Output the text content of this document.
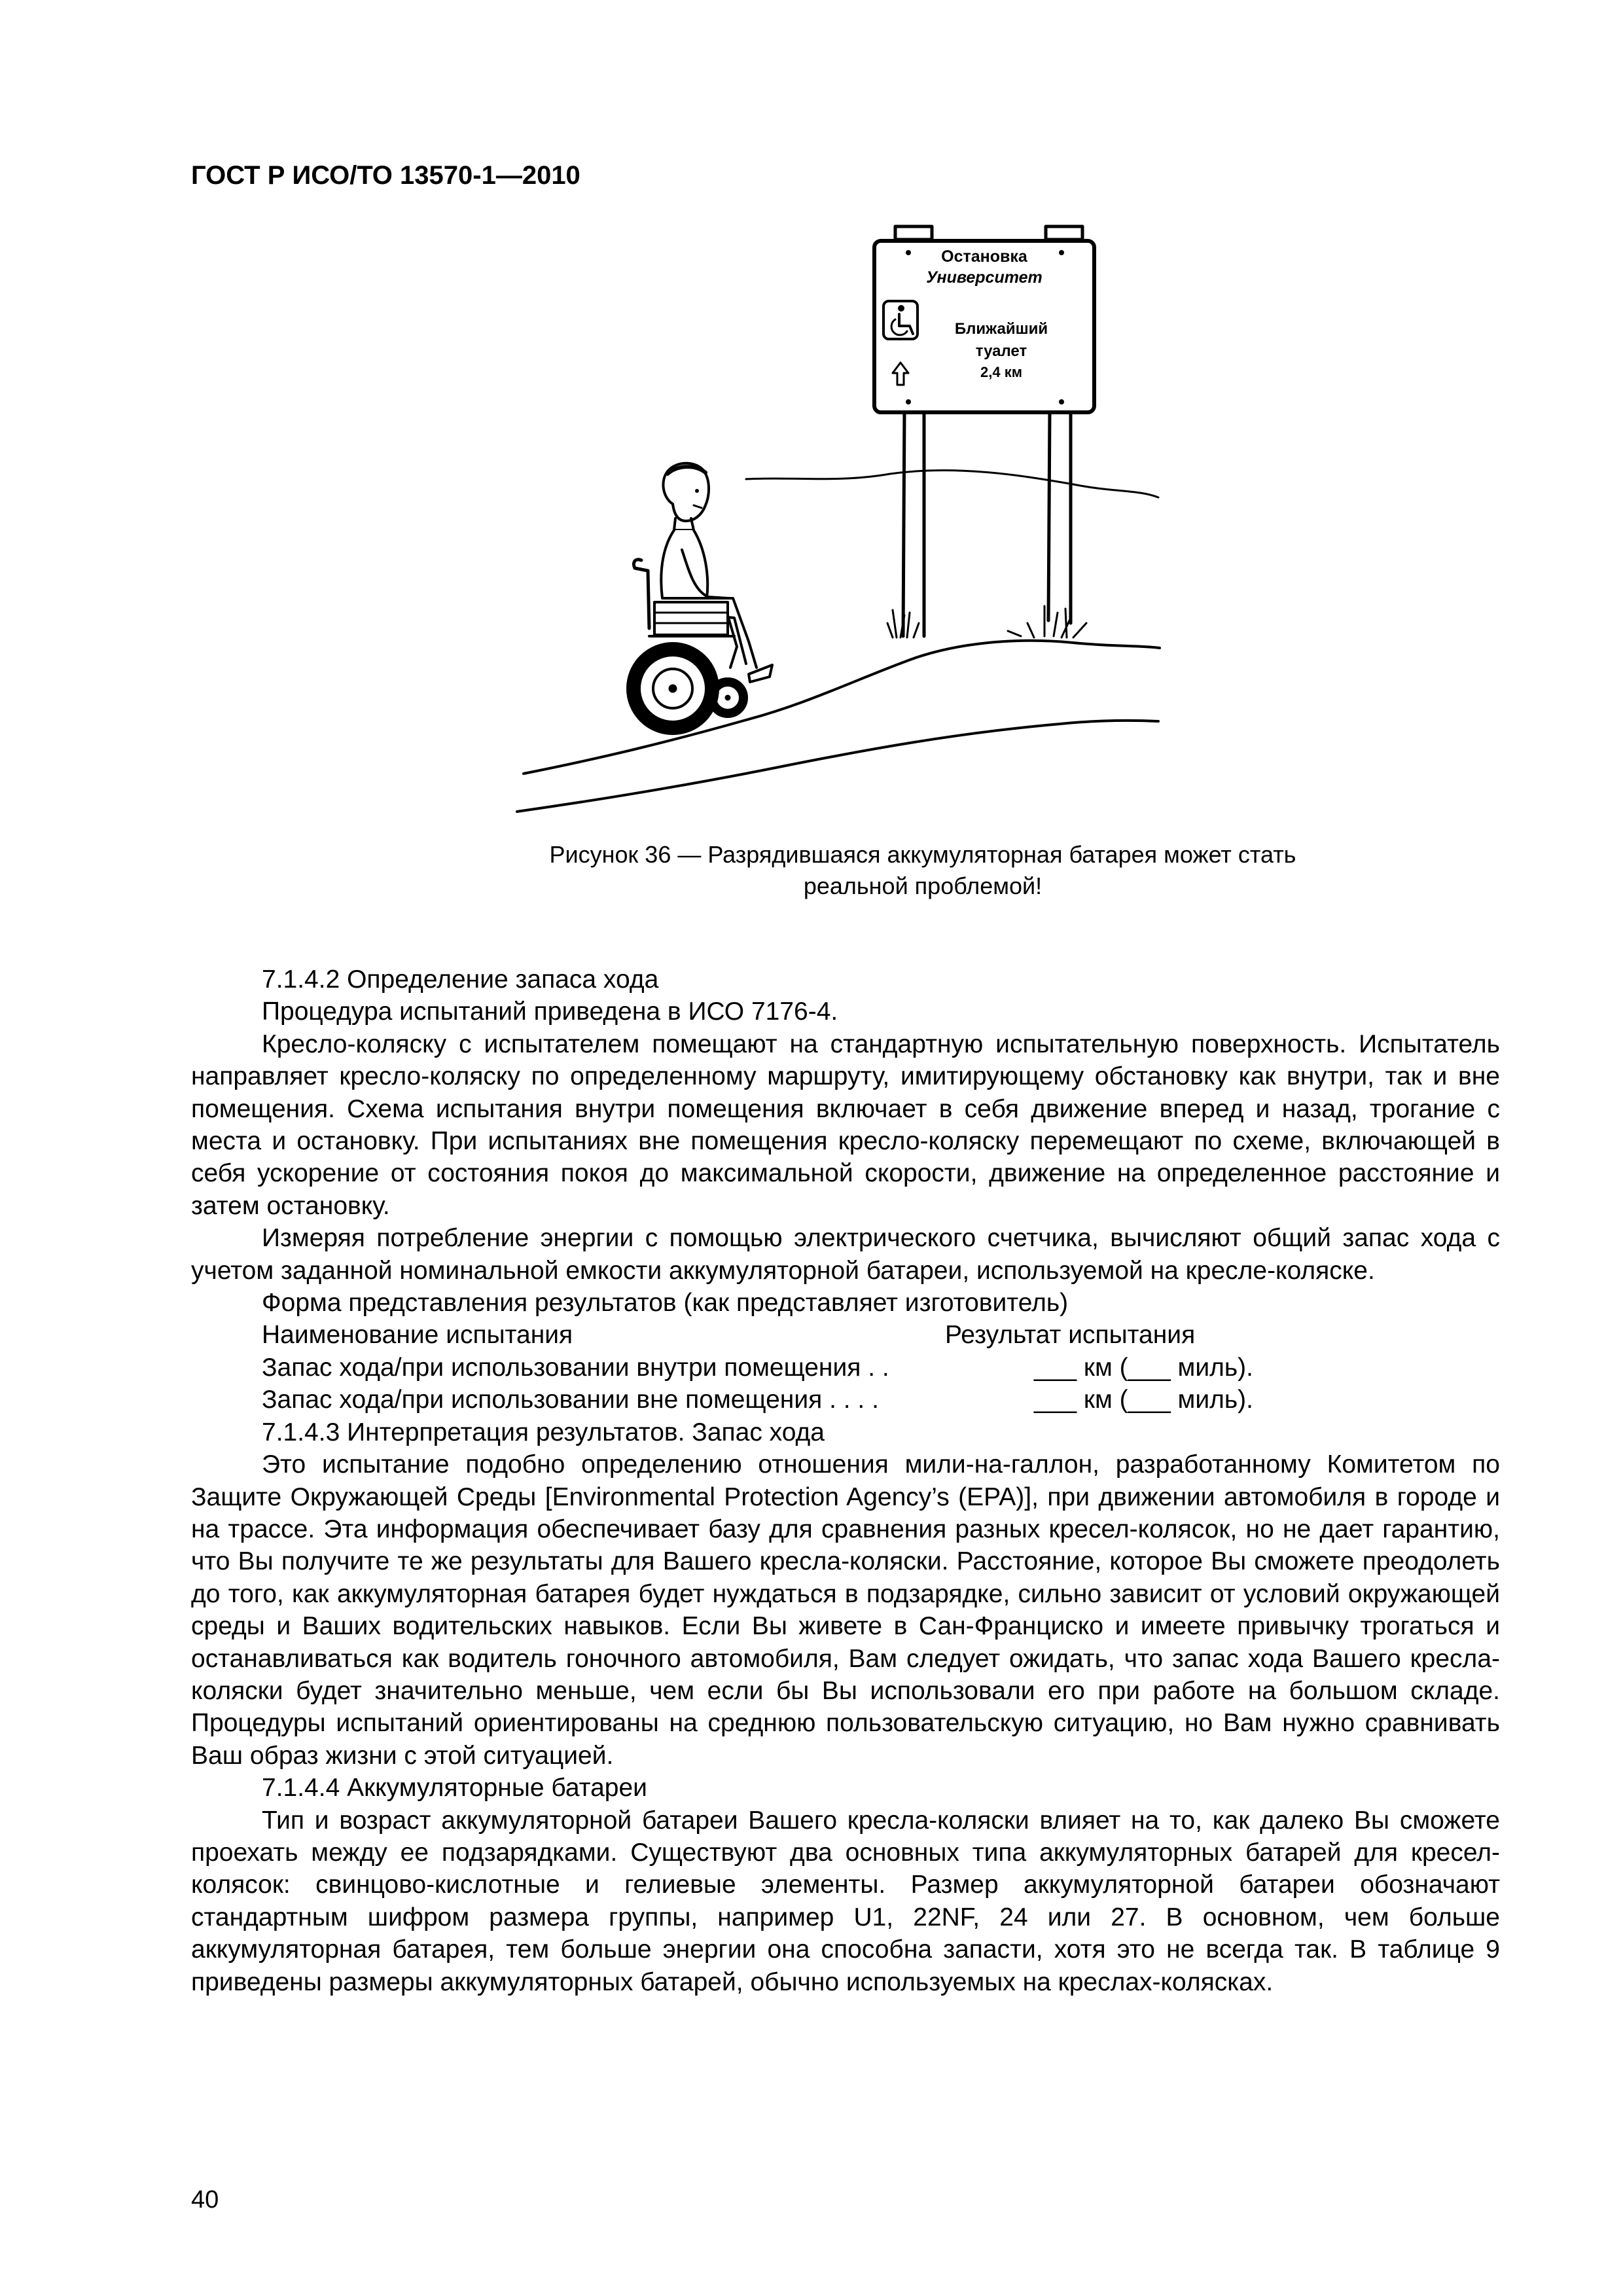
ГОСТ Р ИСО/ТО 13570-1—2010
Остановка
Университет
Ближайший
туалет
2,4 км
Рисунок 36 — Разрядившаяся аккумуляторная батарея может стать
реальной проблемой!

7.1.4.2 Определение запаса хода

Процедура испытаний приведена в ИСО 7176-4.

Кресло-коляску с испытателем помещают на стандартную испытательную поверхность. Испытатель направляет кресло-коляску по определенному маршруту, имитирующему обстановку как внутри, так и вне помещения. Схема испытания внутри помещения включает в себя движение вперед и назад, трогание с места и остановку. При испытаниях вне помещения кресло-коляску перемещают по схеме, включающей в себя ускорение от состояния покоя до максимальной скорости, движение на определенное расстояние и затем остановку.

Измеряя потребление энергии с помощью электрического счетчика, вычисляют общий запас хода с учетом заданной номинальной емкости аккумуляторной батареи, используемой на кресле-коляске.

Форма представления результатов (как представляет изготовитель)

Наименование испытания	Результат испытания
Запас хода/при использовании внутри помещения . .	___ км (___ миль).
Запас хода/при использовании вне помещения . . . .	___ км (___ миль).

7.1.4.3 Интерпретация результатов. Запас хода

Это испытание подобно определению отношения мили-на-галлон, разработанному Комитетом по Защите Окружающей Среды [Environmental Protection Agency’s (EPA)], при движении автомобиля в городе и на трассе. Эта информация обеспечивает базу для сравнения разных кресел-колясок, но не дает гарантию, что Вы получите те же результаты для Вашего кресла-коляски. Расстояние, которое Вы сможете преодолеть до того, как аккумуляторная батарея будет нуждаться в подзарядке, сильно зависит от условий окружающей среды и Ваших водительских навыков. Если Вы живете в Сан-Франциско и имеете привычку трогаться и останавливаться как водитель гоночного автомобиля, Вам следует ожидать, что запас хода Вашего кресла-коляски будет значительно меньше, чем если бы Вы использовали его при работе на большом складе. Процедуры испытаний ориентированы на среднюю пользовательскую ситуацию, но Вам нужно сравнивать Ваш образ жизни с этой ситуацией.

7.1.4.4 Аккумуляторные батареи

Тип и возраст аккумуляторной батареи Вашего кресла-коляски влияет на то, как далеко Вы сможете проехать между ее подзарядками. Существуют два основных типа аккумуляторных батарей для кресел-колясок: свинцово-кислотные и гелиевые элементы. Размер аккумуляторной батареи обозначают стандартным шифром размера группы, например U1, 22NF, 24 или 27. В основном, чем больше аккумуляторная батарея, тем больше энергии она способна запасти, хотя это не всегда так. В таблице 9 приведены размеры аккумуляторных батарей, обычно используемых на креслах-колясках.

40
